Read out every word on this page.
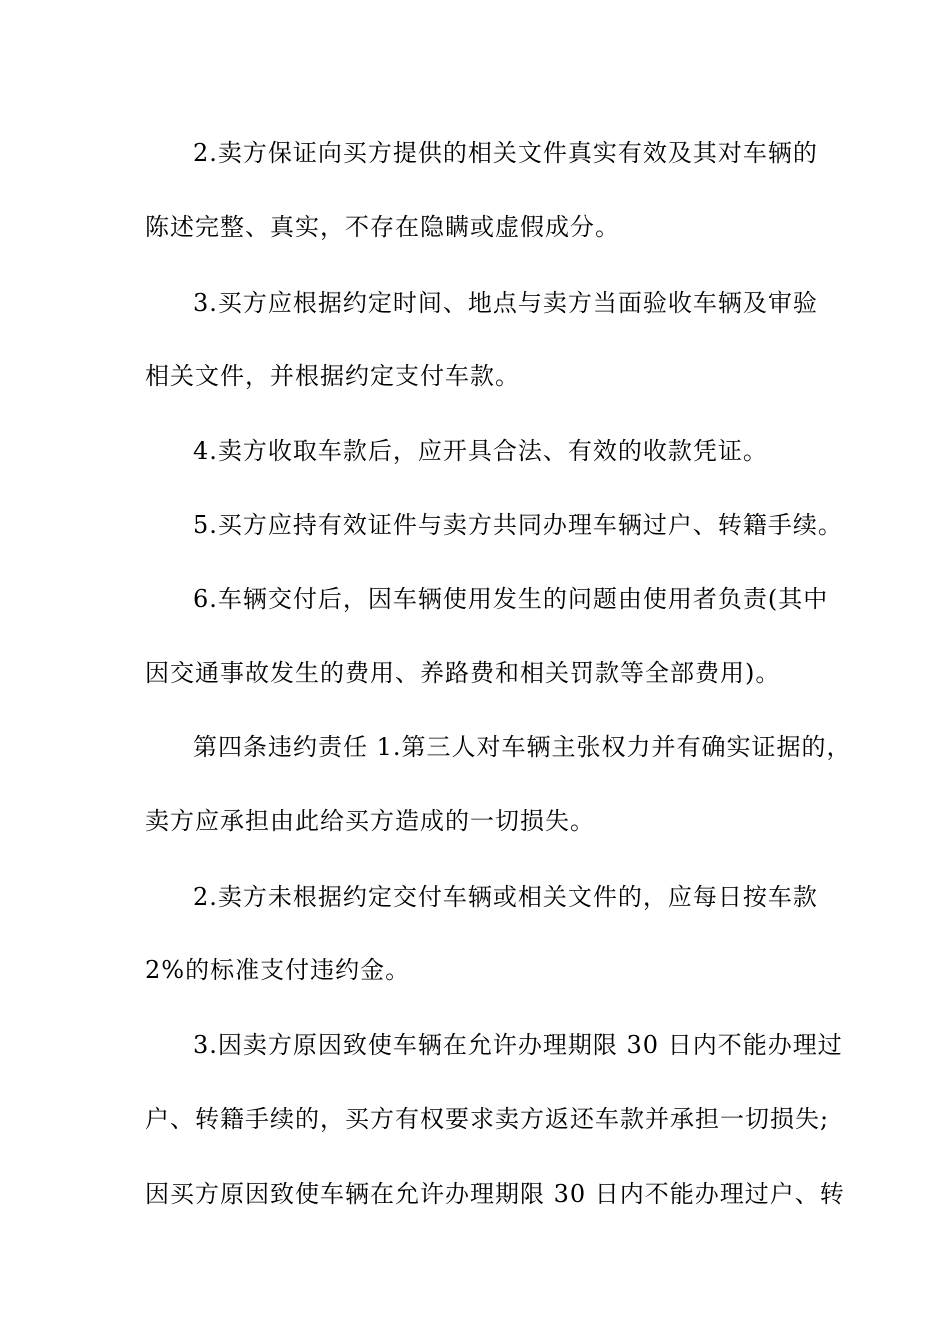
2.卖方保证向买方提供的相关文件真实有效及其对车辆的
陈述完整、真实，不存在隐瞒或虚假成分。
3.买方应根据约定时间、地点与卖方当面验收车辆及审验
相关文件，并根据约定支付车款。
4.卖方收取车款后，应开具合法、有效的收款凭证。
5.买方应持有效证件与卖方共同办理车辆过户、转籍手续。
6.车辆交付后，因车辆使用发生的问题由使用者负责(其中
因交通事故发生的费用、养路费和相关罚款等全部费用)。
第四条违约责任 1.第三人对车辆主张权力并有确实证据的，
卖方应承担由此给买方造成的一切损失。
2.卖方未根据约定交付车辆或相关文件的，应每日按车款
2%的标准支付违约金。
3.因卖方原因致使车辆在允许办理期限 30 日内不能办理过
户、转籍手续的，买方有权要求卖方返还车款并承担一切损失;
因买方原因致使车辆在允许办理期限 30 日内不能办理过户、转
